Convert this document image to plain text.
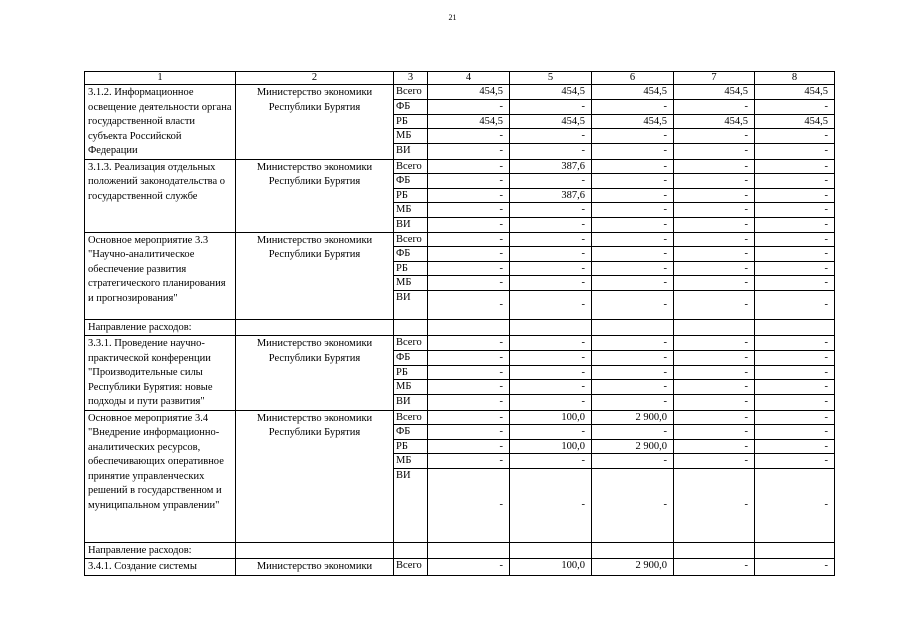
21
1	2	3	4	5	6	7	8
3.1.2. Информационное освещение деятельности органа государственной власти субъекта Российской Федерации	Министерство экономики Республики Бурятия	Всего	454,5	454,5	454,5	454,5	454,5
		ФБ	-	-	-	-	-
		РБ	454,5	454,5	454,5	454,5	454,5
		МБ	-	-	-	-	-
		ВИ	-	-	-	-	-
3.1.3. Реализация отдельных положений законодательства о государственной службе	Министерство экономики Республики Бурятия	Всего	-	387,6	-	-	-
		ФБ	-	-	-	-	-
		РБ	-	387,6	-	-	-
		МБ	-	-	-	-	-
		ВИ	-	-	-	-	-
Основное мероприятие 3.3 "Научно-аналитическое обеспечение развития стратегического планирования и прогнозирования"	Министерство экономики Республики Бурятия	Всего	-	-	-	-	-
		ФБ	-	-	-	-	-
		РБ	-	-	-	-	-
		МБ	-	-	-	-	-
		ВИ	-	-	-	-	-
Направление расходов:							
3.3.1. Проведение научно-практической конференции "Производительные силы Республики Бурятия: новые подходы и пути развития"	Министерство экономики Республики Бурятия	Всего	-	-	-	-	-
		ФБ	-	-	-	-	-
		РБ	-	-	-	-	-
		МБ	-	-	-	-	-
		ВИ	-	-	-	-	-
Основное мероприятие 3.4 "Внедрение информационно-аналитических ресурсов, обеспечивающих оперативное принятие управленческих решений в государственном и муниципальном управлении"	Министерство экономики Республики Бурятия	Всего	-	100,0	2 900,0	-	-
		ФБ	-	-	-	-	-
		РБ	-	100,0	2 900,0	-	-
		МБ	-	-	-	-	-
		ВИ	-	-	-	-	-
Направление расходов:							
3.4.1. Создание системы	Министерство экономики	Всего	-	100,0	2 900,0	-	-
